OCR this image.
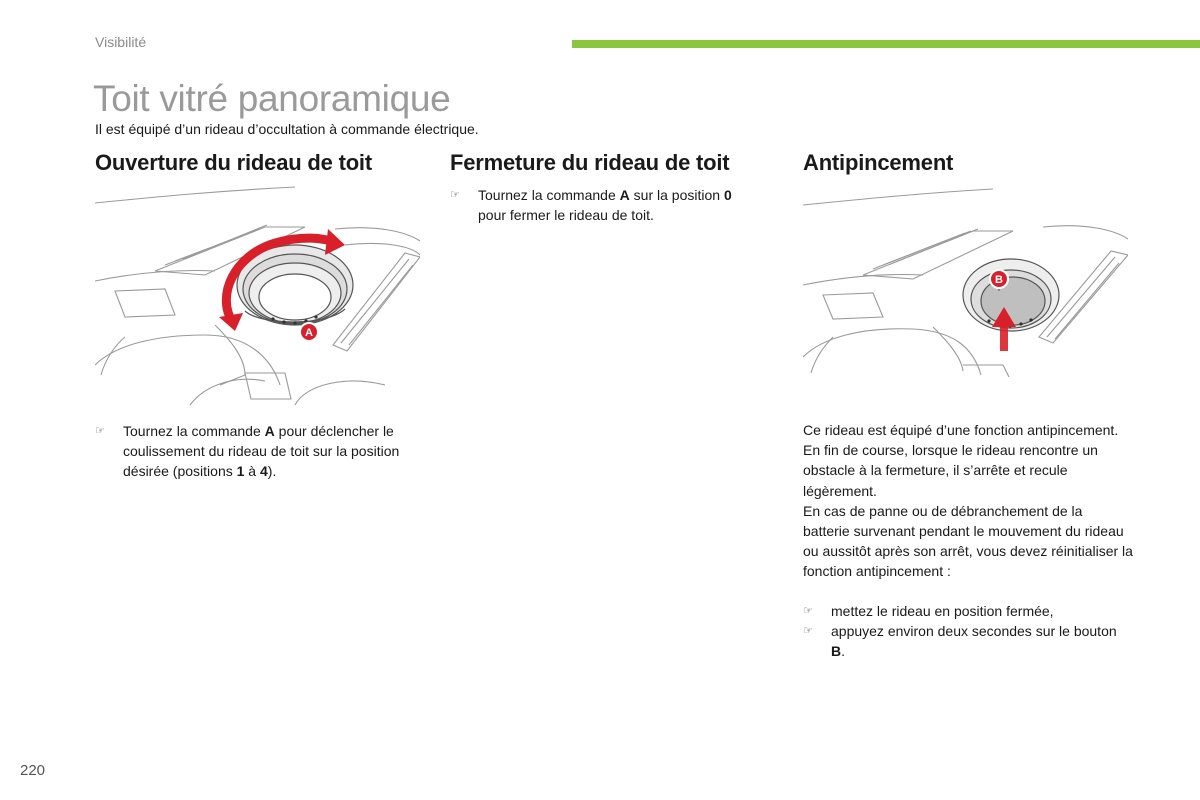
Visibilité
Toit vitré panoramique
Il est équipé d’un rideau d’occultation à commande électrique.
Ouverture du rideau de toit	Fermeture du rideau de toit	Antipincement
A
B
☞	Tournez la commande A pour déclencher le coulissement du rideau de toit sur la position désirée (positions 1 à 4).
☞	Tournez la commande A sur la position 0 pour fermer le rideau de toit.

Ce rideau est équipé d’une fonction antipincement.

En fin de course, lorsque le rideau rencontre un obstacle à la fermeture, il s’arrête et recule légèrement.

En cas de panne ou de débranchement de la batterie survenant pendant le mouvement du rideau ou aussitôt après son arrêt, vous devez réinitialiser la fonction antipincement :

☞ mettez le rideau en position fermée,
☞ appuyez environ deux secondes sur le bouton B.
220
